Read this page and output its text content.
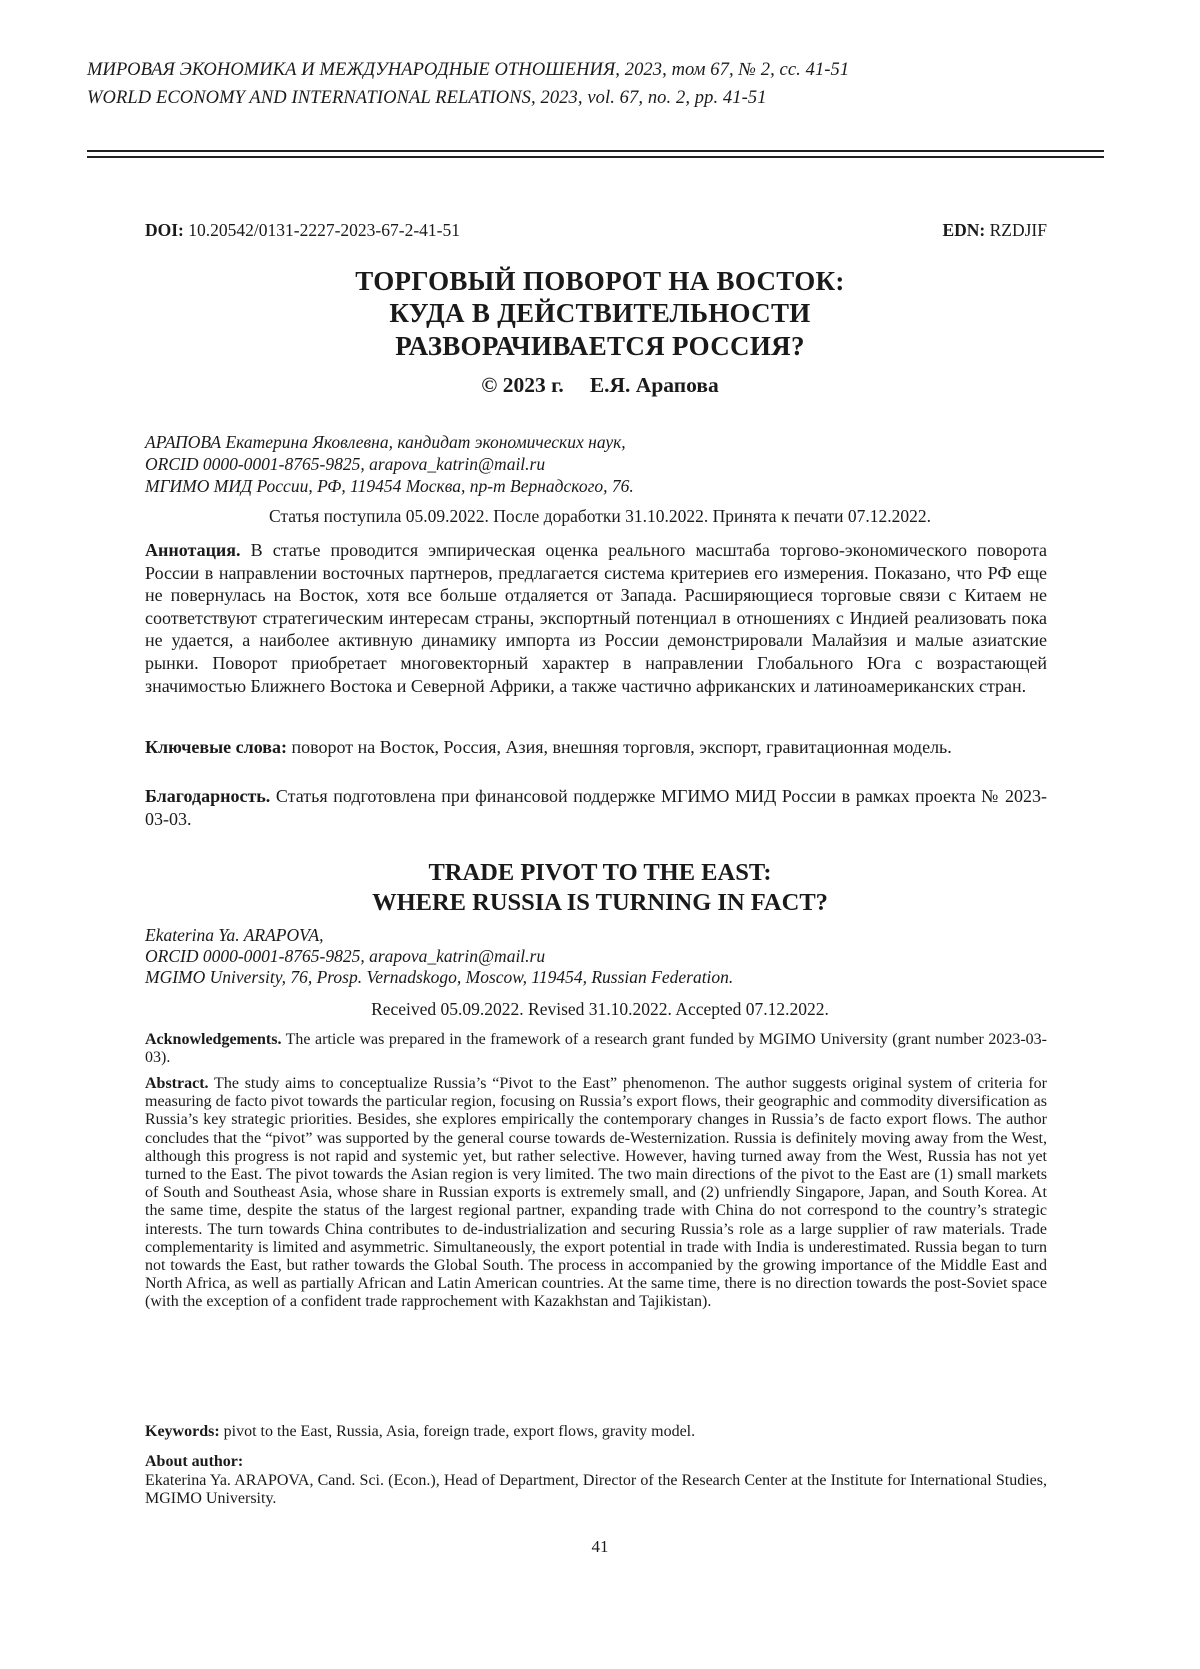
МИРОВАЯ ЭКОНОМИКА И МЕЖДУНАРОДНЫЕ ОТНОШЕНИЯ, 2023, том 67, № 2, сс. 41-51
WORLD ECONOMY AND INTERNATIONAL RELATIONS, 2023, vol. 67, no. 2, pp. 41-51
DOI: 10.20542/0131-2227-2023-67-2-41-51	EDN: RZDJIF
ТОРГОВЫЙ ПОВОРОТ НА ВОСТОК:
КУДА В ДЕЙСТВИТЕЛЬНОСТИ
РАЗВОРАЧИВАЕТСЯ РОССИЯ?
© 2023 г. Е.Я. Арапова
АРАПОВА Екатерина Яковлевна, кандидат экономических наук,
ORCID 0000-0001-8765-9825, arapova_katrin@mail.ru
МГИМО МИД России, РФ, 119454 Москва, пр-т Вернадского, 76.
Статья поступила 05.09.2022. После доработки 31.10.2022. Принята к печати 07.12.2022.
Аннотация. В статье проводится эмпирическая оценка реального масштаба торгово-экономического поворота России в направлении восточных партнеров, предлагается система критериев его измерения. Показано, что РФ еще не повернулась на Восток, хотя все больше отдаляется от Запада. Расширяющиеся торговые связи с Китаем не соответствуют стратегическим интересам страны, экспортный потенциал в отношениях с Индией реализовать пока не удается, а наиболее активную динамику импорта из России демонстрировали Малайзия и малые азиатские рынки. Поворот приобретает многовекторный характер в направлении Глобального Юга с возрастающей значимостью Ближнего Востока и Северной Африки, а также частично африканских и латиноамериканских стран.
Ключевые слова: поворот на Восток, Россия, Азия, внешняя торговля, экспорт, гравитационная модель.
Благодарность. Статья подготовлена при финансовой поддержке МГИМО МИД России в рамках проекта № 2023-03-03.
TRADE PIVOT TO THE EAST:
WHERE RUSSIA IS TURNING IN FACT?
Ekaterina Ya. ARAPOVA,
ORCID 0000-0001-8765-9825, arapova_katrin@mail.ru
MGIMO University, 76, Prosp. Vernadskogo, Moscow, 119454, Russian Federation.
Received 05.09.2022. Revised 31.10.2022. Accepted 07.12.2022.
Acknowledgements. The article was prepared in the framework of a research grant funded by MGIMO University (grant number 2023-03-03).
Abstract. The study aims to conceptualize Russia’s “Pivot to the East” phenomenon. The author suggests original system of criteria for measuring de facto pivot towards the particular region, focusing on Russia’s export flows, their geographic and commodity diversification as Russia’s key strategic priorities. Besides, she explores empirically the contemporary changes in Russia’s de facto export flows. The author concludes that the “pivot” was supported by the general course towards de-Westernization. Russia is definitely moving away from the West, although this progress is not rapid and systemic yet, but rather selective. However, having turned away from the West, Russia has not yet turned to the East. The pivot towards the Asian region is very limited. The two main directions of the pivot to the East are (1) small markets of South and Southeast Asia, whose share in Russian exports is extremely small, and (2) unfriendly Singapore, Japan, and South Korea. At the same time, despite the status of the largest regional partner, expanding trade with China do not correspond to the country’s strategic interests. The turn towards China contributes to de-industrialization and securing Russia’s role as a large supplier of raw materials. Trade complementarity is limited and asymmetric. Simultaneously, the export potential in trade with India is underestimated. Russia began to turn not towards the East, but rather towards the Global South. The process in accompanied by the growing importance of the Middle East and North Africa, as well as partially African and Latin American countries. At the same time, there is no direction towards the post-Soviet space (with the exception of a confident trade rapprochement with Kazakhstan and Tajikistan).
Keywords: pivot to the East, Russia, Asia, foreign trade, export flows, gravity model.
About author:
Ekaterina Ya. ARAPOVA, Cand. Sci. (Econ.), Head of Department, Director of the Research Center at the Institute for International Studies, MGIMO University.
41
